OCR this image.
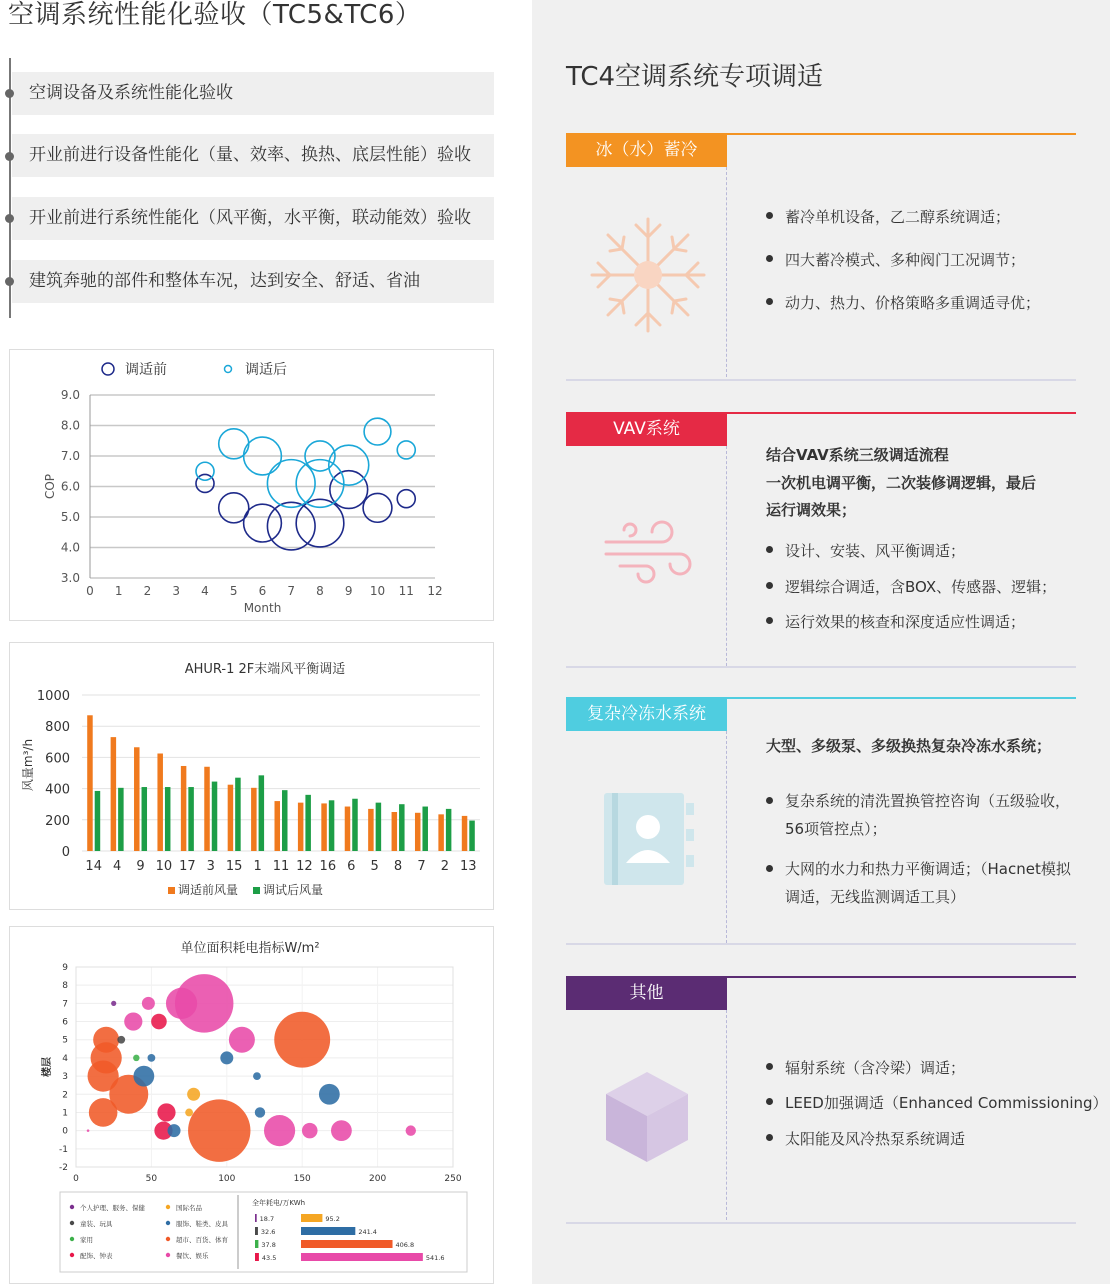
空调系统性能化验收（TC5&TC6）
空调设备及系统性能化验收
开业前进行设备性能化（量、效率、换热、底层性能）验收
开业前进行系统性能化（风平衡，水平衡，联动能效）验收
建筑奔驰的部件和整体车况，达到安全、舒适、省油
3.0
4.0
5.0
6.0
7.0
8.0
9.0
0 1 2 3 4 5 6 7 8 9 10 11 12
Month
COP
调适前	调适后
AHUR-1 2F末端风平衡调适
0
200
400
600
800
1000
风量m³/h
14 4 9 10 17 3 15 1 11 12 16 6 5 8 7 2 13
调适前风量 调试后风量
单位面积耗电指标W/m²
-2
-1
0
1
2
3
4
5
6
7
8
9
0	50	100	150	200	250
楼层
个人护理、服务、保健	国际名品
童装、玩具	服饰、鞋类、皮具
家用	超市、百货、体育
配饰、钟表	餐饮、娱乐
全年耗电/万KWh
18.7	95.2
32.6	241.4
37.8	406.8
43.5	541.6
TC4空调系统专项调适
冰（水）蓄冷
蓄冷单机设备，乙二醇系统调适；
四大蓄冷模式、多种阀门工况调节；
动力、热力、价格策略多重调适寻优；
VAV系统
结合VAV系统三级调适流程
一次机电调平衡，二次装修调逻辑，最后
运行调效果；
设计、安装、风平衡调适；
逻辑综合调适，含BOX、传感器、逻辑；
运行效果的核查和深度适应性调适；
复杂冷冻水系统
大型、多级泵、多级换热复杂冷冻水系统；
复杂系统的清洗置换管控咨询（五级验收，56项管控点）；
大网的水力和热力平衡调适；（Hacnet模拟调适，无线监测调适工具）
其他
辐射系统（含冷梁）调适；
LEED加强调适（Enhanced Commissioning）
太阳能及风冷热泵系统调适
